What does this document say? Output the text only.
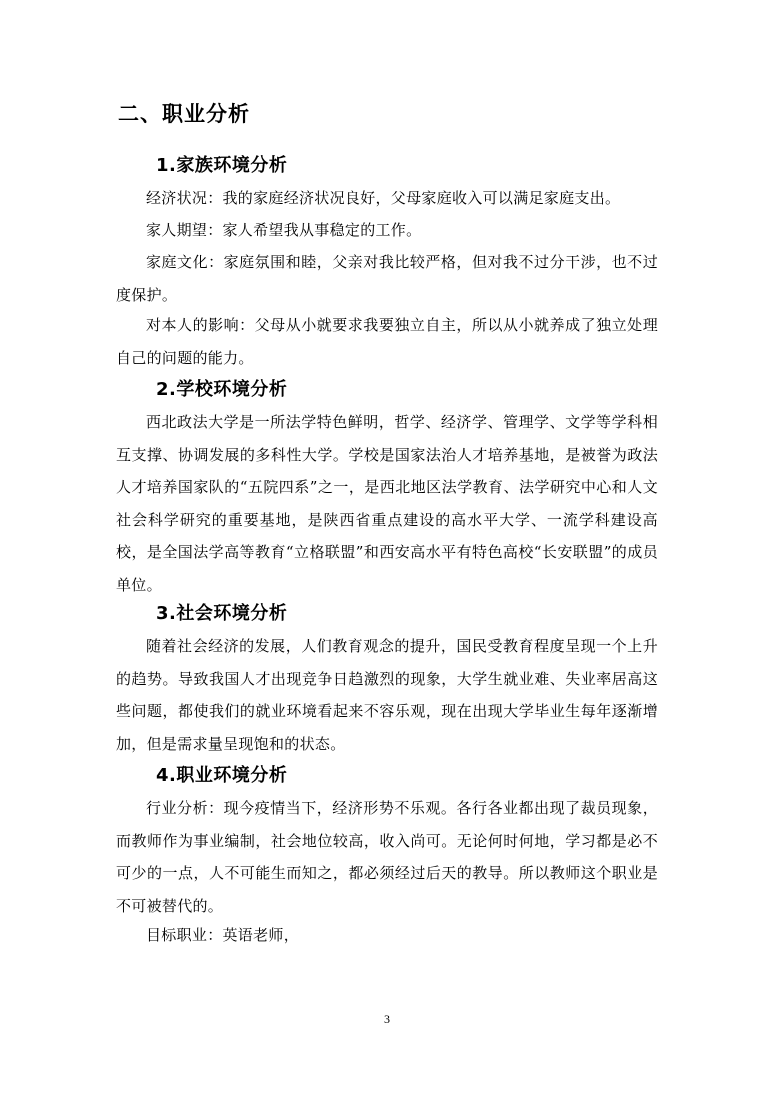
二、职业分析
1.家族环境分析
经济状况：我的家庭经济状况良好，父母家庭收入可以满足家庭支出。
家人期望：家人希望我从事稳定的工作。
家庭文化：家庭氛围和睦，父亲对我比较严格，但对我不过分干涉，也不过度保护。
对本人的影响：父母从小就要求我要独立自主，所以从小就养成了独立处理自己的问题的能力。
2.学校环境分析
西北政法大学是一所法学特色鲜明，哲学、经济学、管理学、文学等学科相互支撑、协调发展的多科性大学。学校是国家法治人才培养基地，是被誉为政法人才培养国家队的“五院四系”之一，是西北地区法学教育、法学研究中心和人文社会科学研究的重要基地，是陕西省重点建设的高水平大学、一流学科建设高校，是全国法学高等教育“立格联盟”和西安高水平有特色高校“长安联盟”的成员单位。
3.社会环境分析
随着社会经济的发展，人们教育观念的提升，国民受教育程度呈现一个上升的趋势。导致我国人才出现竞争日趋激烈的现象，大学生就业难、失业率居高这些问题，都使我们的就业环境看起来不容乐观，现在出现大学毕业生每年逐渐增加，但是需求量呈现饱和的状态。
4.职业环境分析
行业分析：现今疫情当下，经济形势不乐观。各行各业都出现了裁员现象，而教师作为事业编制，社会地位较高，收入尚可。无论何时何地，学习都是必不可少的一点，人不可能生而知之，都必须经过后天的教导。所以教师这个职业是不可被替代的。
目标职业：英语老师，
3
